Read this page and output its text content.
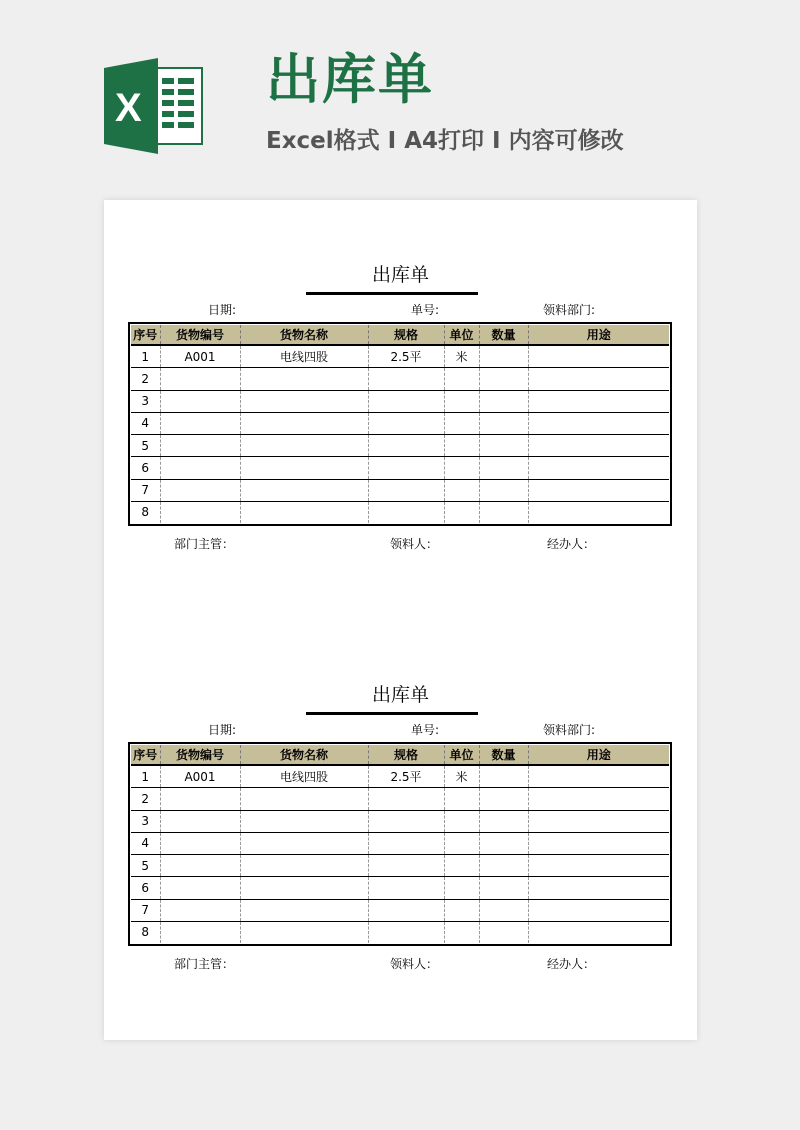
X 出库单
Excel格式 I A4打印 I 内容可修改
出库单
日期:	单号:	领料部门:
序号	货物编号	货物名称	规格	单位	数量	用途
1	A001	电线四股	2.5平	米		
2						
3						
4						
5						
6						
7						
8						
部门主管：	领料人：	经办人：
出库单
日期:	单号:	领料部门:
序号	货物编号	货物名称	规格	单位	数量	用途
1	A001	电线四股	2.5平	米		
2						
3						
4						
5						
6						
7						
8						
部门主管：	领料人：	经办人：
